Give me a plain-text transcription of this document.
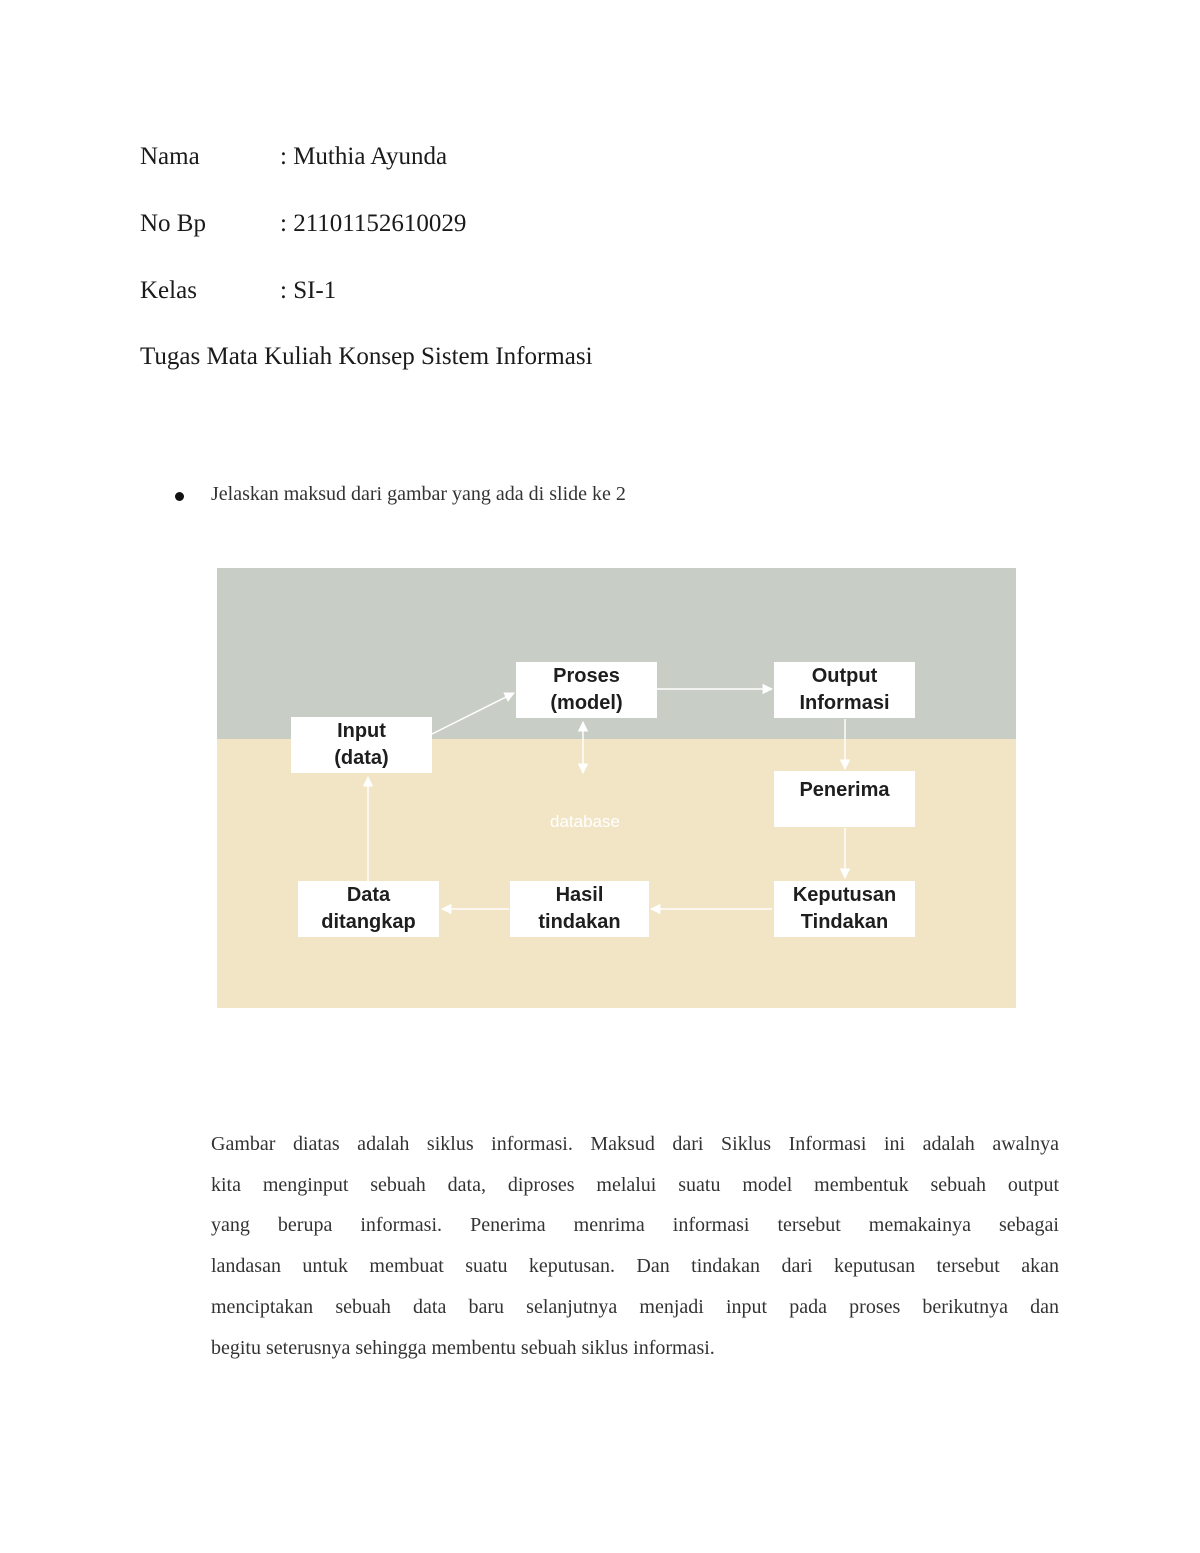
Nama	: Muthia Ayunda
No Bp	: 21101152610029
Kelas	: SI-1
Tugas Mata Kuliah Konsep Sistem Informasi
Jelaskan maksud dari gambar yang ada di slide ke 2
Input
(data)
Proses
(model)
Output
Informasi
Penerima
Keputusan
Tindakan
Hasil
tindakan
Data
ditangkap
database
Gambar diatas adalah siklus informasi. Maksud dari Siklus Informasi ini adalah awalnya
kita menginput sebuah data, diproses melalui suatu model membentuk sebuah output
yang berupa informasi. Penerima menrima informasi tersebut memakainya sebagai
landasan untuk membuat suatu keputusan. Dan tindakan dari keputusan tersebut akan
menciptakan sebuah data baru selanjutnya menjadi input pada proses berikutnya dan
begitu seterusnya sehingga membentu sebuah siklus informasi.
